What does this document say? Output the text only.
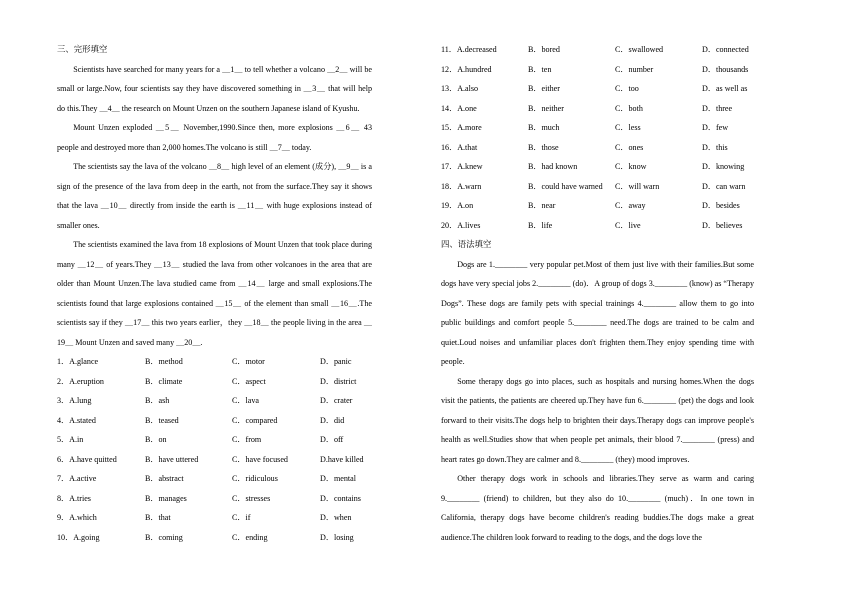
三、完形填空

Scientists have searched for many years for a ＿1＿ to tell whether a volcano ＿2＿ will be small or large.Now, four scientists say they have discovered something in ＿3＿ that will help do this.They ＿4＿ the research on Mount Unzen on the southern Japanese island of Kyushu.

Mount Unzen exploded ＿5＿ November,1990.Since then, more explosions ＿6＿ 43 people and destroyed more than 2,000 homes.The volcano is still ＿7＿ today.

The scientists say the lava of the volcano ＿8＿ high level of an element (成分), ＿9＿ is a sign of the presence of the lava from deep in the earth, not from the surface.They say it shows that the lava ＿10＿ directly from inside the earth is ＿11＿ with huge explosions instead of smaller ones.

The scientists examined the lava from 18 explosions of Mount Unzen that took place during many ＿12＿ of years.They ＿13＿ studied the lava from other volcanoes in the area that are older than Mount Unzen.The lava studied came from ＿14＿ large and small explosions.The scientists found that large explosions contained ＿15＿ of the element than small ＿16＿.The scientists say if they ＿17＿ this two years earlier，they ＿18＿ the people living in the area ＿19＿ Mount Unzen and saved many ＿20＿.

1．A.glance	B．method	C．motor	D．panic
2．A.eruption	B．climate	C．aspect	D．district
3．A.lung	B．ash	C．lava	D．crater
4．A.stated	B．teased	C．compared	D．did
5．A.in	B．on	C．from	D．off
6．A.have quitted	B．have uttered	C．have focused	D.have killed
7．A.active	B．abstract	C．ridiculous	D．mental
8．A.tries	B．manages	C．stresses	D．contains
9．A.which	B．that	C．if	D．when
10．A.going	B．coming	C．ending	D．losing
11．A.decreased	B．bored	C．swallowed	D．connected
12．A.hundred	B．ten	C．number	D．thousands
13．A.also	B．either	C．too	D．as well as
14．A.one	B．neither	C．both	D．three
15．A.more	B．much	C．less	D．few
16．A.that	B．those	C．ones	D．this
17．A.knew	B．had known	C．know	D．knowing
18．A.warn	B．could have warned	C．will warn	D．can warn
19．A.on	B．near	C．away	D．besides
20．A.lives	B．life	C．live	D．believes
四、语法填空

Dogs are 1.________ very popular pet.Most of them just live with their families.But some dogs have very special jobs 2.________ (do)．A group of dogs 3.________ (know) as “Therapy Dogs”. These dogs are family pets with special trainings 4.________ allow them to go into public buildings and comfort people 5.________ need.The dogs are trained to be calm and quiet.Loud noises and unfamiliar places don't frighten them.They enjoy spending time with people.

Some therapy dogs go into places, such as hospitals and nursing homes.When the dogs visit the patients, the patients are cheered up.They have fun 6.________ (pet) the dogs and look forward to their visits.The dogs help to brighten their days.Therapy dogs can improve people's health as well.Studies show that when people pet animals, their blood 7.________ (press) and heart rates go down.They are calmer and 8.________ (they) mood improves.

Other therapy dogs work in schools and libraries.They serve as warm and caring 9.________ (friend) to children, but they also do 10.________ (much)．In one town in California, therapy dogs have become children's reading buddies.The dogs make a great audience.The children look forward to reading to the dogs, and the dogs love the
